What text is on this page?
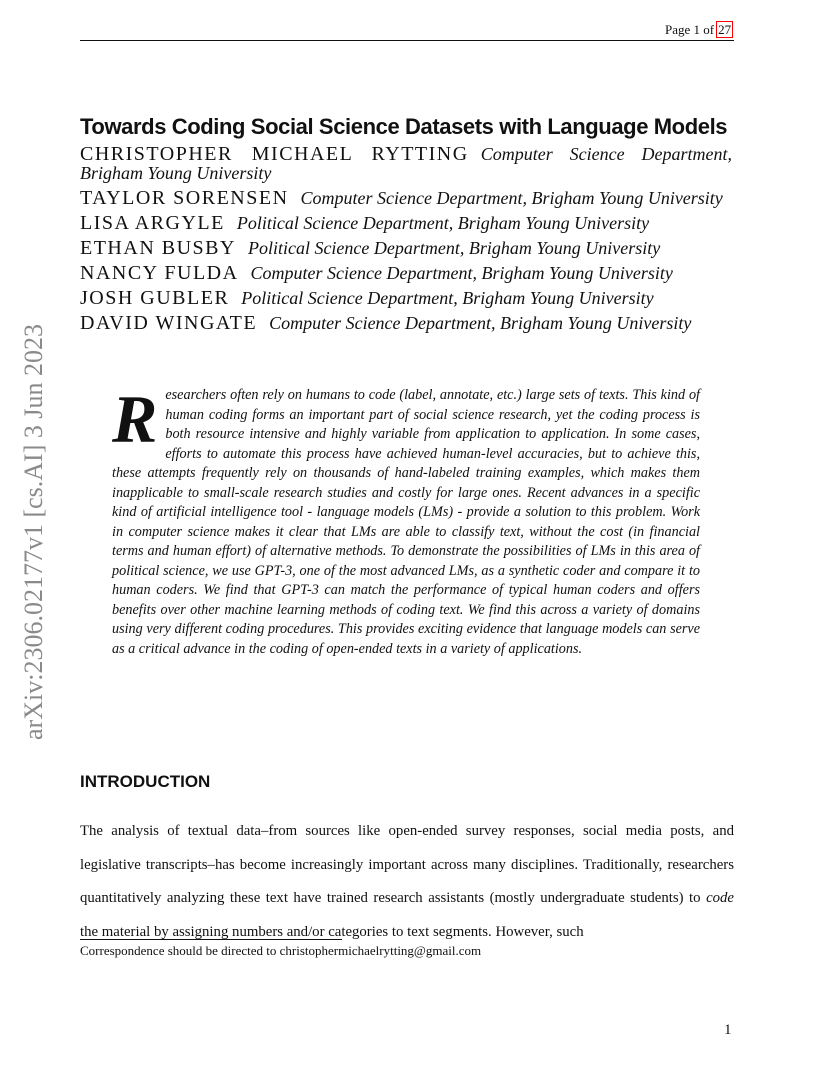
Page 1 of 27
arXiv:2306.02177v1 [cs.AI] 3 Jun 2023
Towards Coding Social Science Datasets with Language Models
CHRISTOPHER MICHAEL RYTTING Computer Science Department, Brigham Young University
TAYLOR SORENSEN Computer Science Department, Brigham Young University
LISA ARGYLE Political Science Department, Brigham Young University
ETHAN BUSBY Political Science Department, Brigham Young University
NANCY FULDA Computer Science Department, Brigham Young University
JOSH GUBLER Political Science Department, Brigham Young University
DAVID WINGATE Computer Science Department, Brigham Young University
Researchers often rely on humans to code (label, annotate, etc.) large sets of texts. This kind of human coding forms an important part of social science research, yet the coding process is both resource intensive and highly variable from application to application. In some cases, efforts to automate this process have achieved human-level accuracies, but to achieve this, these attempts frequently rely on thousands of hand-labeled training examples, which makes them inapplicable to small-scale research studies and costly for large ones. Recent advances in a specific kind of artificial intelligence tool - language models (LMs) - provide a solution to this problem. Work in computer science makes it clear that LMs are able to classify text, without the cost (in financial terms and human effort) of alternative methods. To demonstrate the possibilities of LMs in this area of political science, we use GPT-3, one of the most advanced LMs, as a synthetic coder and compare it to human coders. We find that GPT-3 can match the performance of typical human coders and offers benefits over other machine learning methods of coding text. We find this across a variety of domains using very different coding procedures. This provides exciting evidence that language models can serve as a critical advance in the coding of open-ended texts in a variety of applications.
INTRODUCTION

The analysis of textual data–from sources like open-ended survey responses, social media posts, and legislative transcripts–has become increasingly important across many disciplines. Traditionally, researchers quantitatively analyzing these text have trained research assistants (mostly undergraduate students) to code the material by assigning numbers and/or categories to text segments. However, such

Correspondence should be directed to christophermichaelrytting@gmail.com
1
